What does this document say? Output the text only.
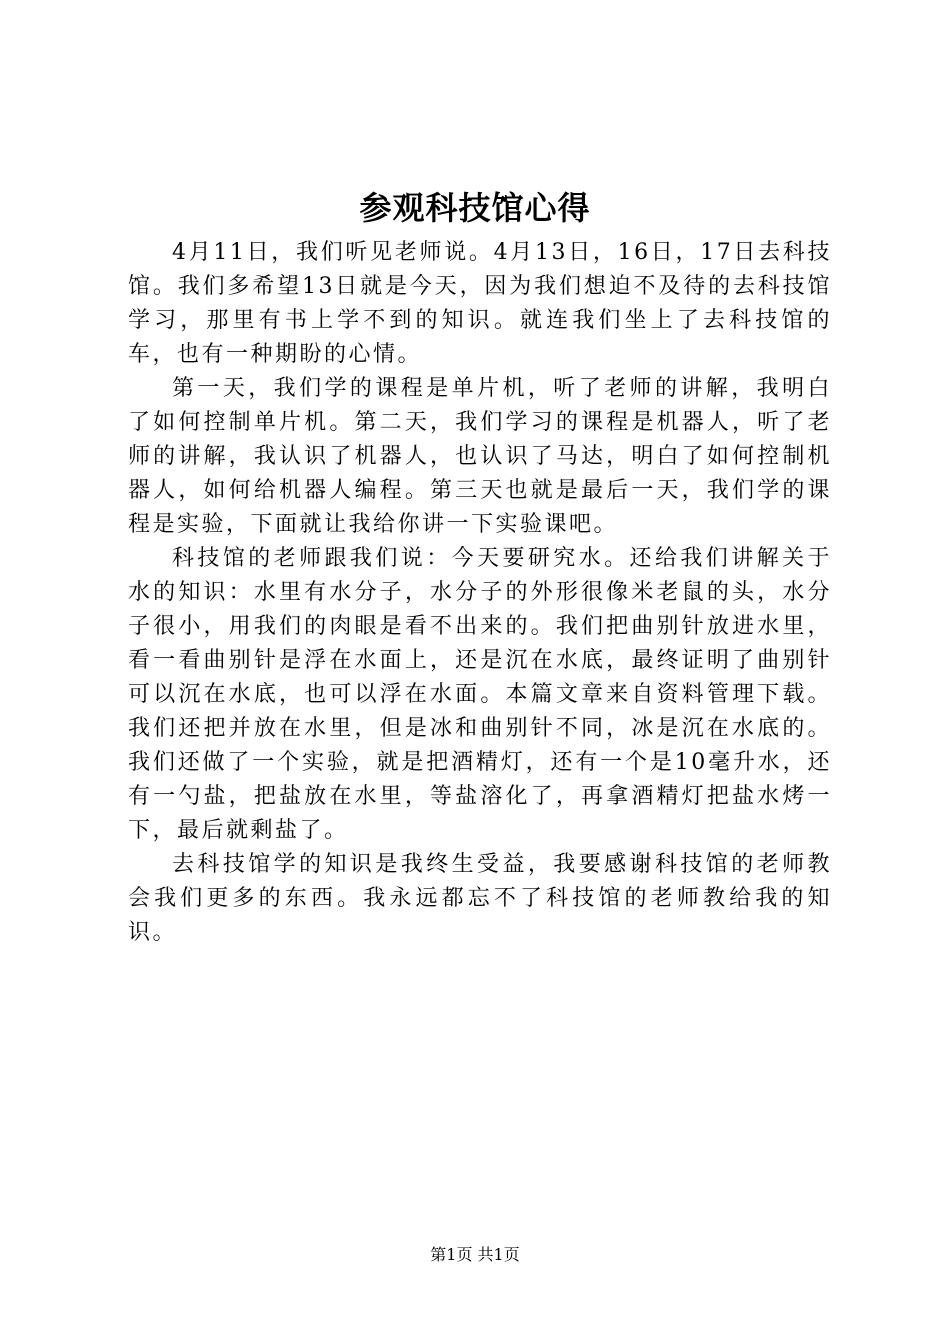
参观科技馆心得

4月11日，我们听见老师说。4月13日，16日，17日去科技馆。我们多希望13日就是今天，因为我们想迫不及待的去科技馆学习，那里有书上学不到的知识。就连我们坐上了去科技馆的车，也有一种期盼的心情。

第一天，我们学的课程是单片机，听了老师的讲解，我明白了如何控制单片机。第二天，我们学习的课程是机器人，听了老师的讲解，我认识了机器人，也认识了马达，明白了如何控制机器人，如何给机器人编程。第三天也就是最后一天，我们学的课程是实验，下面就让我给你讲一下实验课吧。

科技馆的老师跟我们说：今天要研究水。还给我们讲解关于水的知识：水里有水分子，水分子的外形很像米老鼠的头，水分子很小，用我们的肉眼是看不出来的。我们把曲别针放进水里，看一看曲别针是浮在水面上，还是沉在水底，最终证明了曲别针可以沉在水底，也可以浮在水面。本篇文章来自资料管理下载。我们还把并放在水里，但是冰和曲别针不同，冰是沉在水底的。我们还做了一个实验，就是把酒精灯，还有一个是10毫升水，还有一勺盐，把盐放在水里，等盐溶化了，再拿酒精灯把盐水烤一下，最后就剩盐了。

去科技馆学的知识是我终生受益，我要感谢科技馆的老师教会我们更多的东西。我永远都忘不了科技馆的老师教给我的知识。

第1页 共1页
